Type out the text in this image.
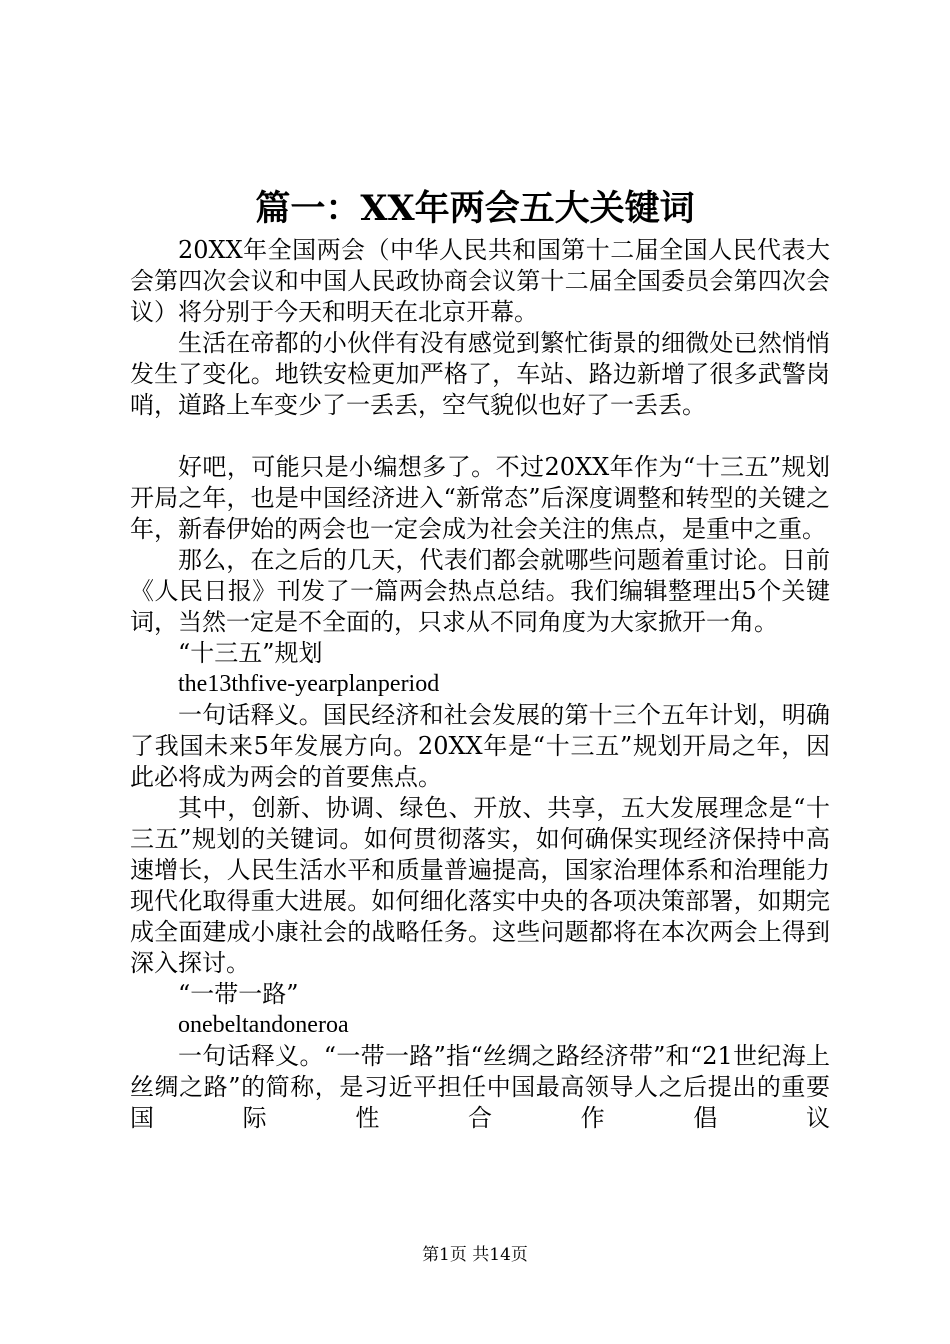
篇一：XX年两会五大关键词

20XX年全国两会（中华人民共和国第十二届全国人民代表大会第四次会议和中国人民政协商会议第十二届全国委员会第四次会议）将分别于今天和明天在北京开幕。

生活在帝都的小伙伴有没有感觉到繁忙街景的细微处已然悄悄发生了变化。地铁安检更加严格了，车站、路边新增了很多武警岗哨，道路上车变少了一丢丢，空气貌似也好了一丢丢。

好吧，可能只是小编想多了。不过20XX年作为“十三五”规划开局之年，也是中国经济进入“新常态”后深度调整和转型的关键之年，新春伊始的两会也一定会成为社会关注的焦点，是重中之重。

那么，在之后的几天，代表们都会就哪些问题着重讨论。日前《人民日报》刊发了一篇两会热点总结。我们编辑整理出5个关键词，当然一定是不全面的，只求从不同角度为大家掀开一角。

“十三五”规划

the13thfive-yearplanperiod

一句话释义。国民经济和社会发展的第十三个五年计划，明确了我国未来5年发展方向。20XX年是“十三五”规划开局之年，因此必将成为两会的首要焦点。

其中，创新、协调、绿色、开放、共享，五大发展理念是“十三五”规划的关键词。如何贯彻落实，如何确保实现经济保持中高速增长，人民生活水平和质量普遍提高，国家治理体系和治理能力现代化取得重大进展。如何细化落实中央的各项决策部署，如期完成全面建成小康社会的战略任务。这些问题都将在本次两会上得到深入探讨。

“一带一路”

onebeltandoneroa

一句话释义。“一带一路”指“丝绸之路经济带”和“21世纪海上丝绸之路”的简称，是习近平担任中国最高领导人之后提出的重要国际性合作倡议

第1页 共14页
